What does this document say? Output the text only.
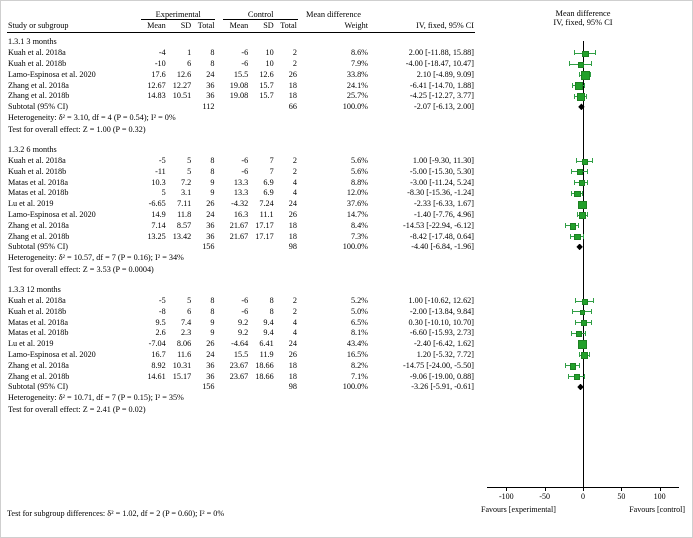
	Experimental				Control			Mean difference	
Study or subgroup	Mean	SD	Total		Mean	SD	Total	Weight	IV, fixed, 95% CI
1.3.1 3 months									
Kuah et al. 2018a	-4	1	8		-6	10	2	8.6%	2.00 [-11.88, 15.88]
Kuah et al. 2018b	-10	6	8		-6	10	2	7.9%	-4.00 [-18.47, 10.47]
Lamo-Espinosa et al. 2020	17.6	12.6	24		15.5	12.6	26	33.8%	2.10 [-4.89, 9.09]
Zhang et al. 2018a	12.67	12.27	36		19.08	15.7	18	24.1%	-6.41 [-14.70, 1.88]
Zhang et al. 2018b	14.83	10.51	36		19.08	15.7	18	25.7%	-4.25 [-12.27, 3.77]
Subtotal (95% CI)			112				66	100.0%	-2.07 [-6.13, 2.00]
Heterogeneity: δ² = 3.10, df = 4 (P = 0.54); I² = 0%									
Test for overall effect: Z = 1.00 (P = 0.32)									

1.3.2 6 months									
Kuah et al. 2018a	-5	5	8		-6	7	2	5.6%	1.00 [-9.30, 11.30]
Kuah et al. 2018b	-11	5	8		-6	7	2	5.6%	-5.00 [-15.30, 5.30]
Matas et al. 2018a	10.3	7.2	9		13.3	6.9	4	8.8%	-3.00 [-11.24, 5.24]
Matas et al. 2018b	5	3.1	9		13.3	6.9	4	12.0%	-8.30 [-15.36, -1.24]
Lu et al. 2019	-6.65	7.11	26		-4.32	7.24	24	37.6%	-2.33 [-6.33, 1.67]
Lamo-Espinosa et al. 2020	14.9	11.8	24		16.3	11.1	26	14.7%	-1.40 [-7.76, 4.96]
Zhang et al. 2018a	7.14	8.57	36		21.67	17.17	18	8.4%	-14.53 [-22.94, -6.12]
Zhang et al. 2018b	13.25	13.42	36		21.67	17.17	18	7.3%	-8.42 [-17.48, 0.64]
Subtotal (95% CI)			156				98	100.0%	-4.40 [-6.84, -1.96]
Heterogeneity: δ² = 10.57, df = 7 (P = 0.16); I² = 34%									
Test for overall effect: Z = 3.53 (P = 0.0004)									

1.3.3 12 months									
Kuah et al. 2018a	-5	5	8		-6	8	2	5.2%	1.00 [-10.62, 12.62]
Kuah et al. 2018b	-8	6	8		-6	8	2	5.0%	-2.00 [-13.84, 9.84]
Matas et al. 2018a	9.5	7.4	9		9.2	9.4	4	6.5%	0.30 [-10.10, 10.70]
Matas et al. 2018b	2.6	2.3	9		9.2	9.4	4	8.1%	-6.60 [-15.93, 2.73]
Lu et al. 2019	-7.04	8.06	26		-4.64	6.41	24	43.4%	-2.40 [-6.42, 1.62]
Lamo-Espinosa et al. 2020	16.7	11.6	24		15.5	11.9	26	16.5%	1.20 [-5.32, 7.72]
Zhang et al. 2018a	8.92	10.31	36		23.67	18.66	18	8.2%	-14.75 [-24.00, -5.50]
Zhang et al. 2018b	14.61	15.17	36		23.67	18.66	18	7.1%	-9.06 [-19.00, 0.88]
Subtotal (95% CI)			156				98	100.0%	-3.26 [-5.91, -0.61]
Heterogeneity: δ² = 10.71, df = 7 (P = 0.15); I² = 35%									
Test for overall effect: Z = 2.41 (P = 0.02)									

Mean difference
IV, fixed, 95% CI
-100	-50	0	50	100
Favours [experimental]	Favours [control]
Test for subgroup differences: δ² = 1.02, df = 2 (P = 0.60); I² = 0%
